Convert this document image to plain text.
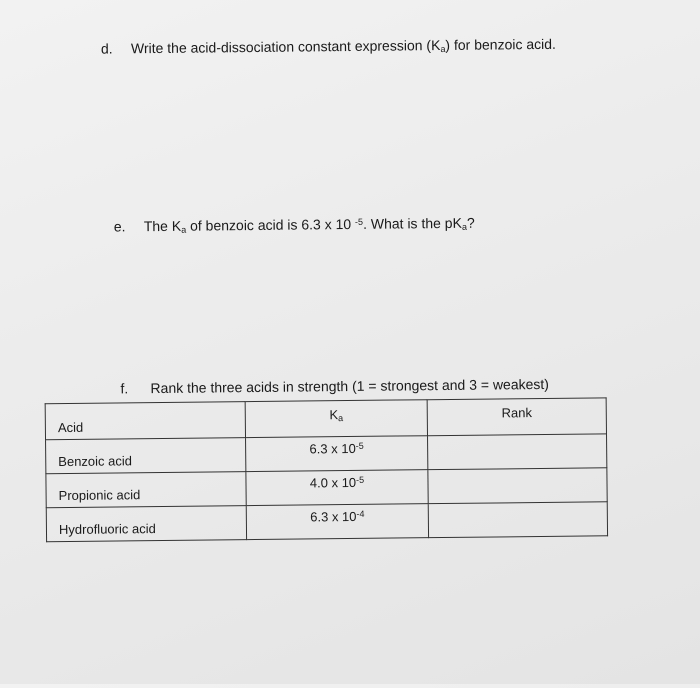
d. Write the acid-dissociation constant expression $(K_a)$ for benzoic acid.
e. The $K_a$ of benzoic acid is 6.3 x 10 $^{-5}$. What is the $pK_a$?
f. Rank the three acids in strength (1 = strongest and 3 = weakest)
Acid	$K_a$	Rank
Benzoic acid	6.3 x $10^{-5}$	
Propionic acid	4.0 x $10^{-5}$	
Hydrofluoric acid	6.3 x $10^{-4}$	
